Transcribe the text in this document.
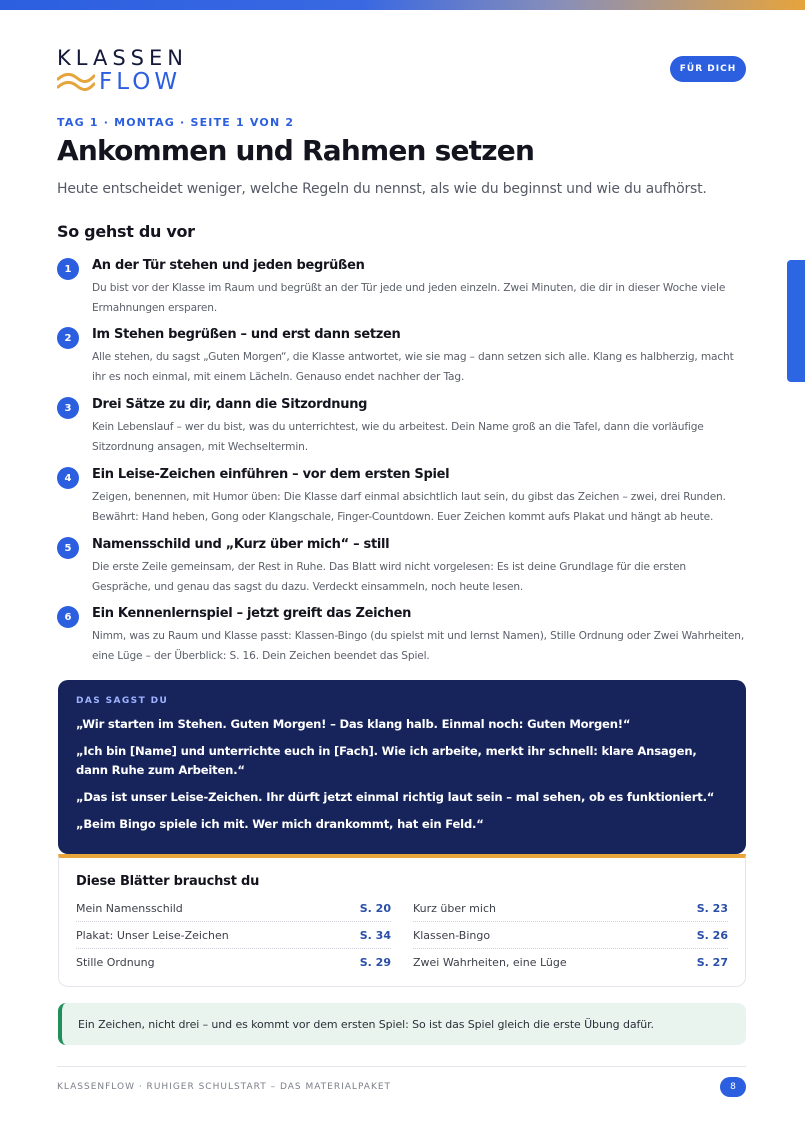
KLASSEN
FLOW	FÜR DICH
TAG 1 · MONTAG · SEITE 1 VON 2
Ankommen und Rahmen setzen
Heute entscheidet weniger, welche Regeln du nennst, als wie du beginnst und wie du aufhörst.
So gehst du vor
1	An der Tür stehen und jeden begrüßen
Du bist vor der Klasse im Raum und begrüßt an der Tür jede und jeden einzeln. Zwei Minuten, die dir in dieser Woche viele Ermahnungen ersparen.
2	Im Stehen begrüßen – und erst dann setzen
Alle stehen, du sagst „Guten Morgen“, die Klasse antwortet, wie sie mag – dann setzen sich alle. Klang es halbherzig, macht ihr es noch einmal, mit einem Lächeln. Genauso endet nachher der Tag.
3	Drei Sätze zu dir, dann die Sitzordnung
Kein Lebenslauf – wer du bist, was du unterrichtest, wie du arbeitest. Dein Name groß an die Tafel, dann die vorläufige Sitzordnung ansagen, mit Wechseltermin.
4	Ein Leise-Zeichen einführen – vor dem ersten Spiel
Zeigen, benennen, mit Humor üben: Die Klasse darf einmal absichtlich laut sein, du gibst das Zeichen – zwei, drei Runden. Bewährt: Hand heben, Gong oder Klangschale, Finger-Countdown. Euer Zeichen kommt aufs Plakat und hängt ab heute.
5	Namensschild und „Kurz über mich“ – still
Die erste Zeile gemeinsam, der Rest in Ruhe. Das Blatt wird nicht vorgelesen: Es ist deine Grundlage für die ersten Gespräche, und genau das sagst du dazu. Verdeckt einsammeln, noch heute lesen.
6	Ein Kennenlernspiel – jetzt greift das Zeichen
Nimm, was zu Raum und Klasse passt: Klassen-Bingo (du spielst mit und lernst Namen), Stille Ordnung oder Zwei Wahrheiten, eine Lüge – der Überblick: S. 16. Dein Zeichen beendet das Spiel.
DAS SAGST DU
„Wir starten im Stehen. Guten Morgen! – Das klang halb. Einmal noch: Guten Morgen!“
„Ich bin [Name] und unterrichte euch in [Fach]. Wie ich arbeite, merkt ihr schnell: klare Ansagen, dann Ruhe zum Arbeiten.“
„Das ist unser Leise-Zeichen. Ihr dürft jetzt einmal richtig laut sein – mal sehen, ob es funktioniert.“
„Beim Bingo spiele ich mit. Wer mich drankommt, hat ein Feld.“
Diese Blätter brauchst du
Mein Namensschild	S. 20
Plakat: Unser Leise-Zeichen	S. 34
Stille Ordnung	S. 29
Kurz über mich	S. 23
Klassen-Bingo	S. 26
Zwei Wahrheiten, eine Lüge	S. 27
Ein Zeichen, nicht drei – und es kommt vor dem ersten Spiel: So ist das Spiel gleich die erste Übung dafür.
KLASSENFLOW · RUHIGER SCHULSTART – DAS MATERIALPAKET	8
